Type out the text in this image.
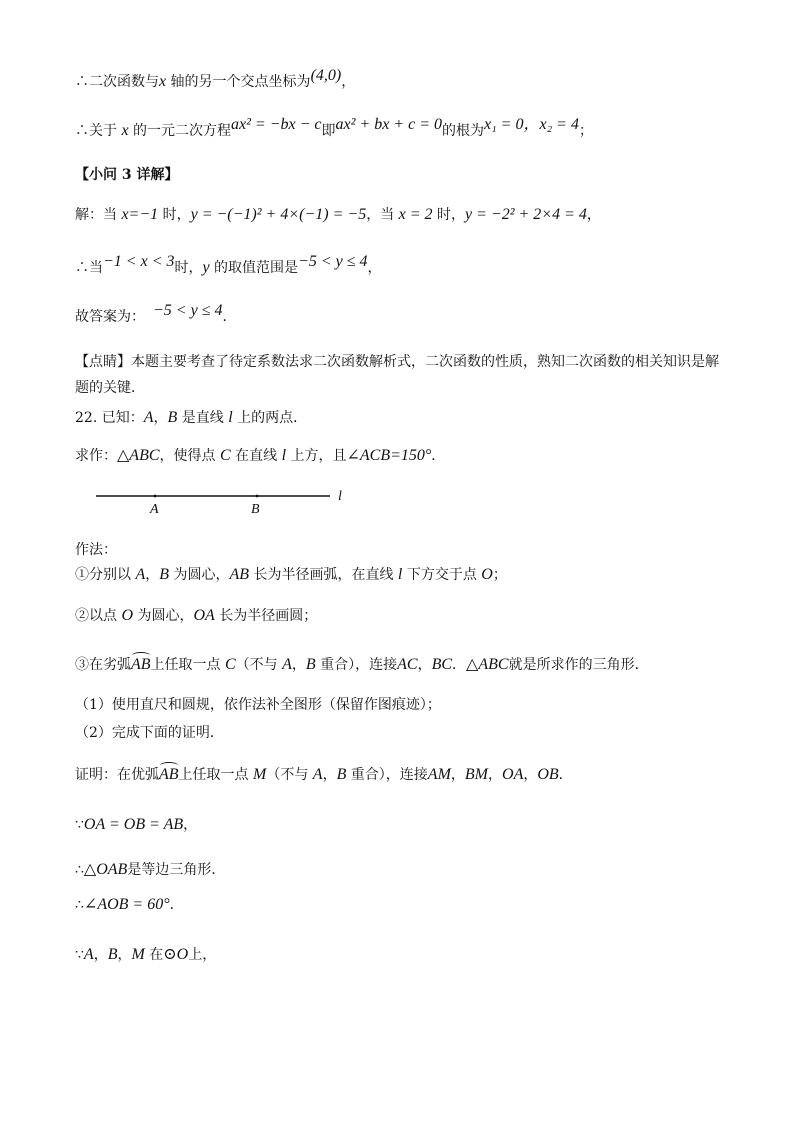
∴二次函数与x 轴的另一个交点坐标为(4,0)，
∴关于 x 的一元二次方程ax² = −bx − c即ax² + bx + c = 0的根为x₁ = 0，x₂ = 4；
【小问 3 详解】
解：当 x=−1 时，y = −(−1)² + 4×(−1) = −5，当 x = 2 时，y = −2² + 2×4 = 4，
∴当−1 < x < 3时，y 的取值范围是−5 < y ≤ 4，
故答案为： −5 < y ≤ 4．
【点睛】本题主要考查了待定系数法求二次函数解析式，二次函数的性质，熟知二次函数的相关知识是解
题的关键．
22. 已知：A，B 是直线 l 上的两点．
求作：△ABC，使得点 C 在直线 l 上方，且∠ACB=150°．
A	B
l
作法：
①分别以 A，B 为圆心，AB 长为半径画弧，在直线 l 下方交于点 O；
②以点 O 为圆心，OA 长为半径画圆；
③在劣弧AB上任取一点 C（不与 A，B 重合），连接AC，BC．△ABC就是所求作的三角形．
（1）使用直尺和圆规，依作法补全图形（保留作图痕迹）；
（2）完成下面的证明．
证明：在优弧AB上任取一点 M（不与 A，B 重合），连接AM，BM，OA，OB．
∵OA = OB = AB，
∴△OAB是等边三角形．
∴∠AOB = 60°．
∵A，B，M 在⊙O上，
